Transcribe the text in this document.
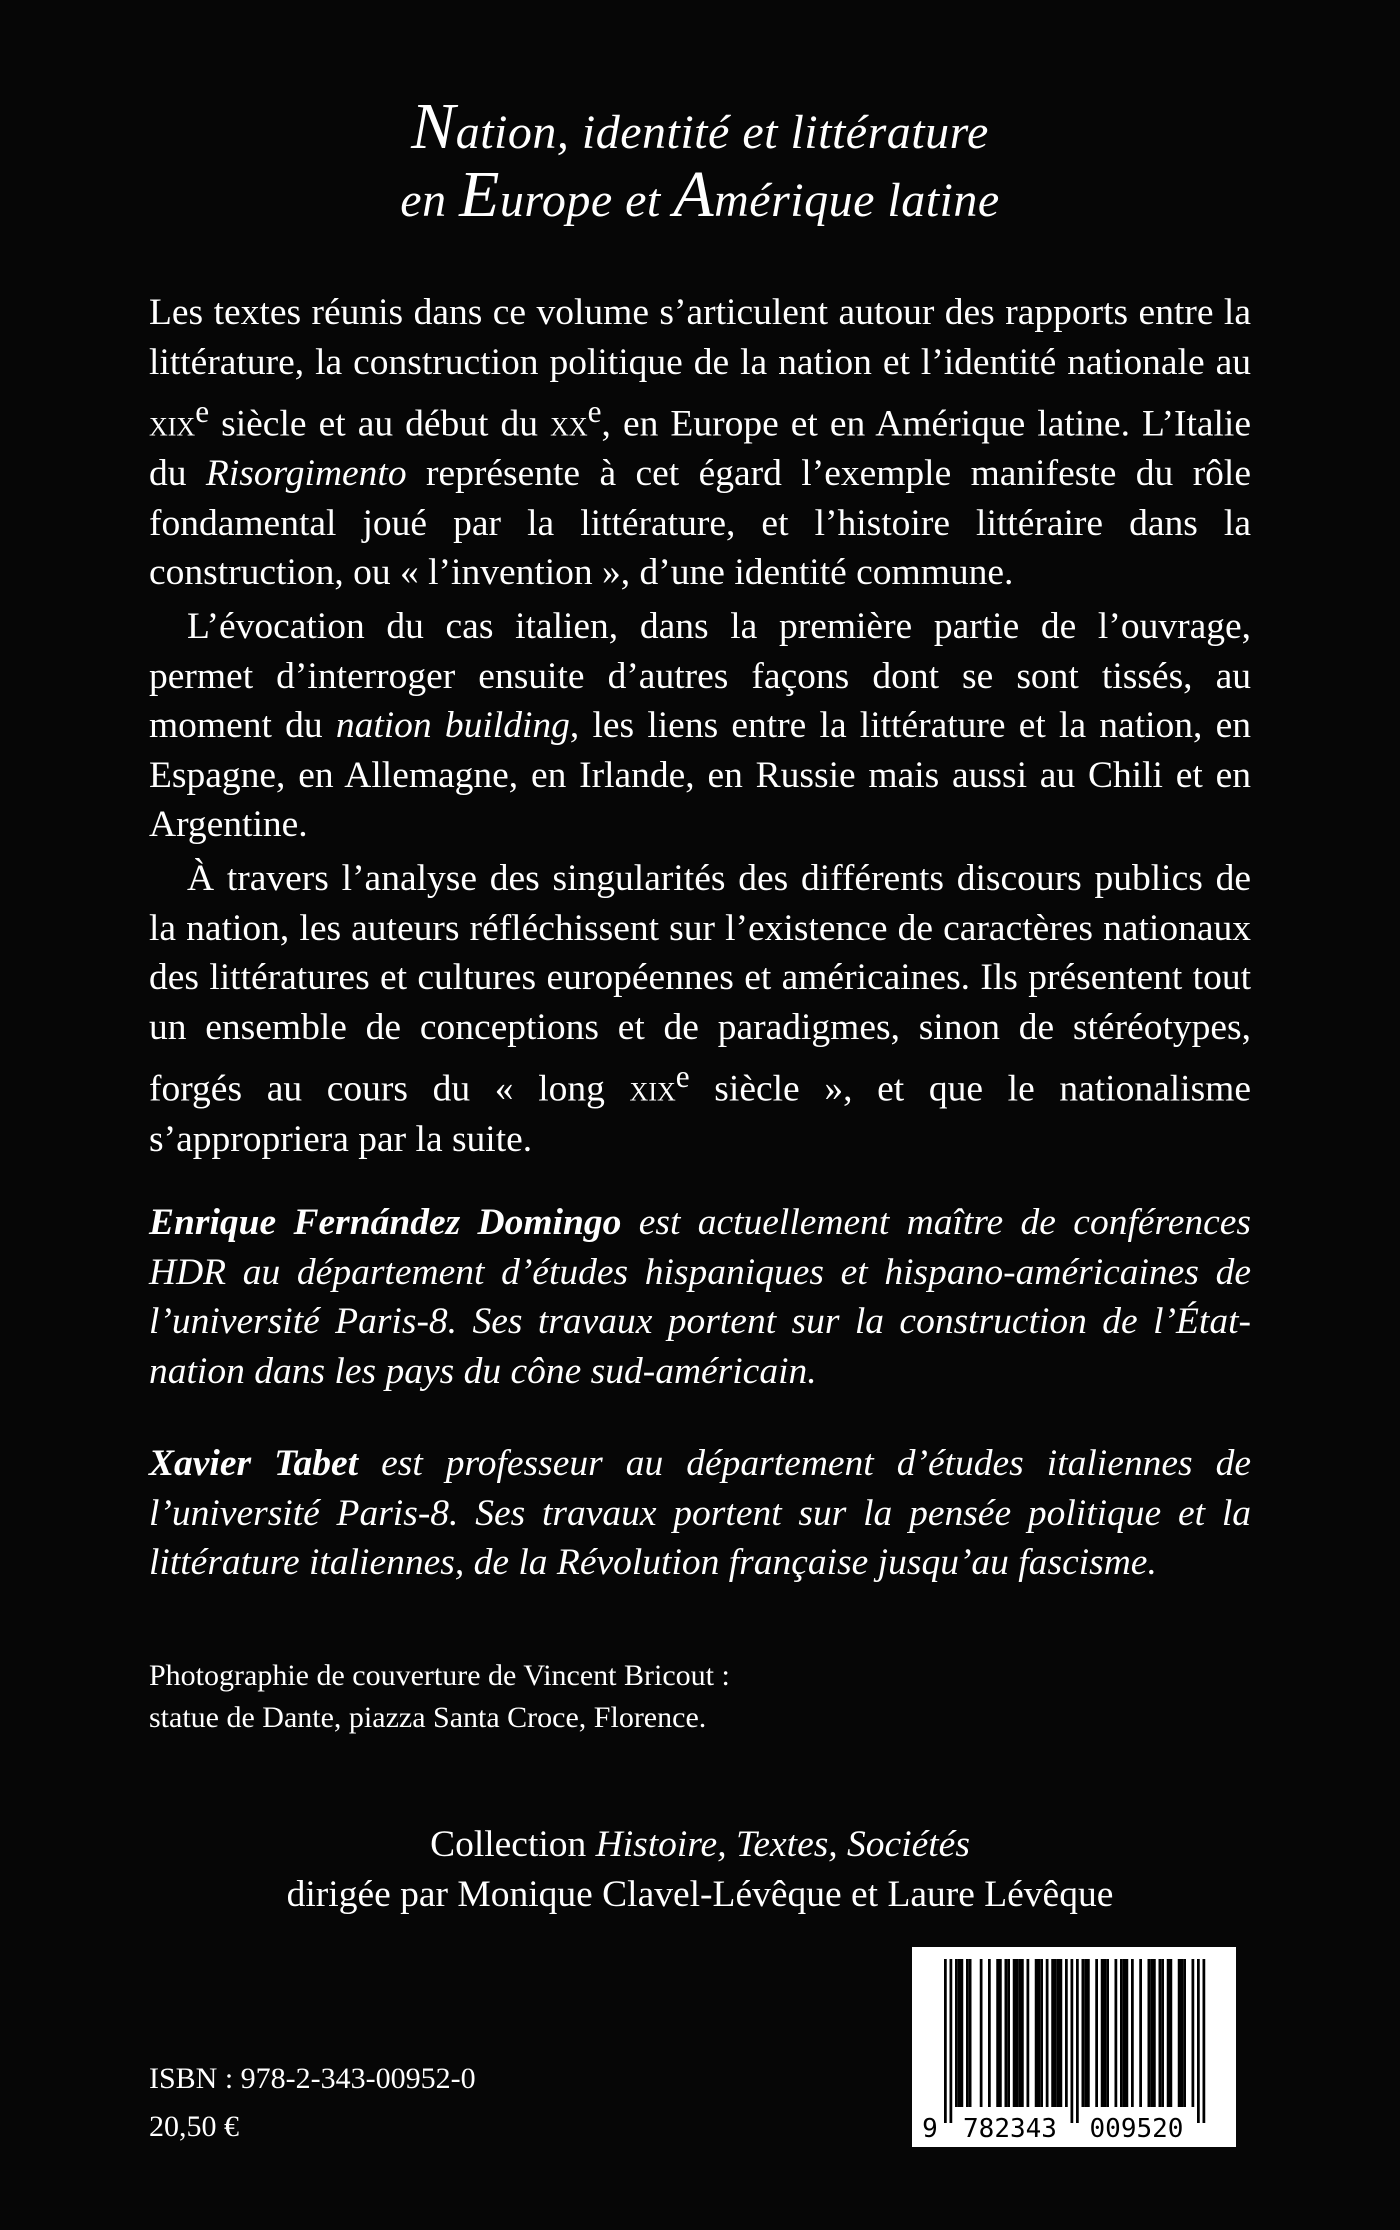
Nation, identité et littérature
en Europe et Amérique latine

Les textes réunis dans ce volume s’articulent autour des rapports entre la littérature, la construction politique de la nation et l’identité nationale au xix$^e$ siècle et au début du $xx^e$, en Europe et en Amérique latine. L’Italie du Risorgimento représente à cet égard l’exemple manifeste du rôle fondamental joué par la littérature, et l’histoire littéraire dans la construction, ou « l’invention », d’une identité commune.

L’évocation du cas italien, dans la première partie de l’ouvrage, permet d’interroger ensuite d’autres façons dont se sont tissés, au moment du nation building, les liens entre la littérature et la nation, en Espagne, en Allemagne, en Irlande, en Russie mais aussi au Chili et en Argentine.

À travers l’analyse des singularités des différents discours publics de la nation, les auteurs réfléchissent sur l’existence de caractères nationaux des littératures et cultures européennes et américaines. Ils présentent tout un ensemble de conceptions et de paradigmes, sinon de stéréotypes, forgés au cours du « long xix$^e$ siècle », et que le nationalisme s’appropriera par la suite.

Enrique Fernández Domingo est actuellement maître de conférences HDR au département d’études hispaniques et hispano-américaines de l’université Paris-8. Ses travaux portent sur la construction de l’État-nation dans les pays du cône sud-américain.

Xavier Tabet est professeur au département d’études italiennes de l’université Paris-8. Ses travaux portent sur la pensée politique et la littérature italiennes, de la Révolution française jusqu’au fascisme.

Photographie de couverture de Vincent Bricout :
statue de Dante, piazza Santa Croce, Florence.

Collection Histoire, Textes, Sociétés
dirigée par Monique Clavel-Lévêque et Laure Lévêque

ISBN : 978-2-343-00952-0
20,50 €	9 782343 009520
